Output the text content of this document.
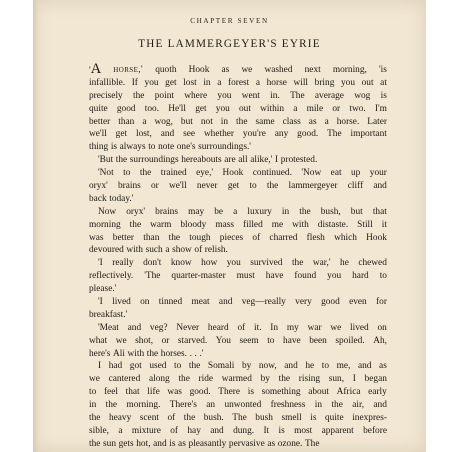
CHAPTER SEVEN
THE LAMMERGEYER'S EYRIE
'A horse,' quoth Hook as we washed next morning, 'is
infallible. If you get lost in a forest a horse will bring you out at
precisely the point where you went in. The average wog is
quite good too. He'll get you out within a mile or two. I'm
better than a wog, but not in the same class as a horse. Later
we'll get lost, and see whether you're any good. The important
thing is always to note one's surroundings.'
'But the surroundings hereabouts are all alike,' I protested.
'Not to the trained eye,' Hook continued. 'Now eat up your
oryx' brains or we'll never get to the lammergeyer cliff and
back today.'
Now oryx' brains may be a luxury in the bush, but that
morning the warm bloody mass filled me with distaste. Still it
was better than the tough pieces of charred flesh which Hook
devoured with such a show of relish.
'I really don't know how you survived the war,' he chewed
reflectively. 'The quarter-master must have found you hard to
please.'
'I lived on tinned meat and veg—really very good even for
breakfast.'
'Meat and veg? Never heard of it. In my war we lived on
what we shot, or starved. You seem to have been spoiled. Ah,
here's Ali with the horses. . . .'
I had got used to the Somali by now, and he to me, and as
we cantered along the ride warmed by the rising sun, I began
to feel that life was good. There is something about Africa early
in the morning. There's an unwonted freshness in the air, and
the heavy scent of the bush. The bush smell is quite inexpres-
sible, a mixture of hay and dung. It is most apparent before
the sun gets hot, and is as pleasantly pervasive as ozone. The
